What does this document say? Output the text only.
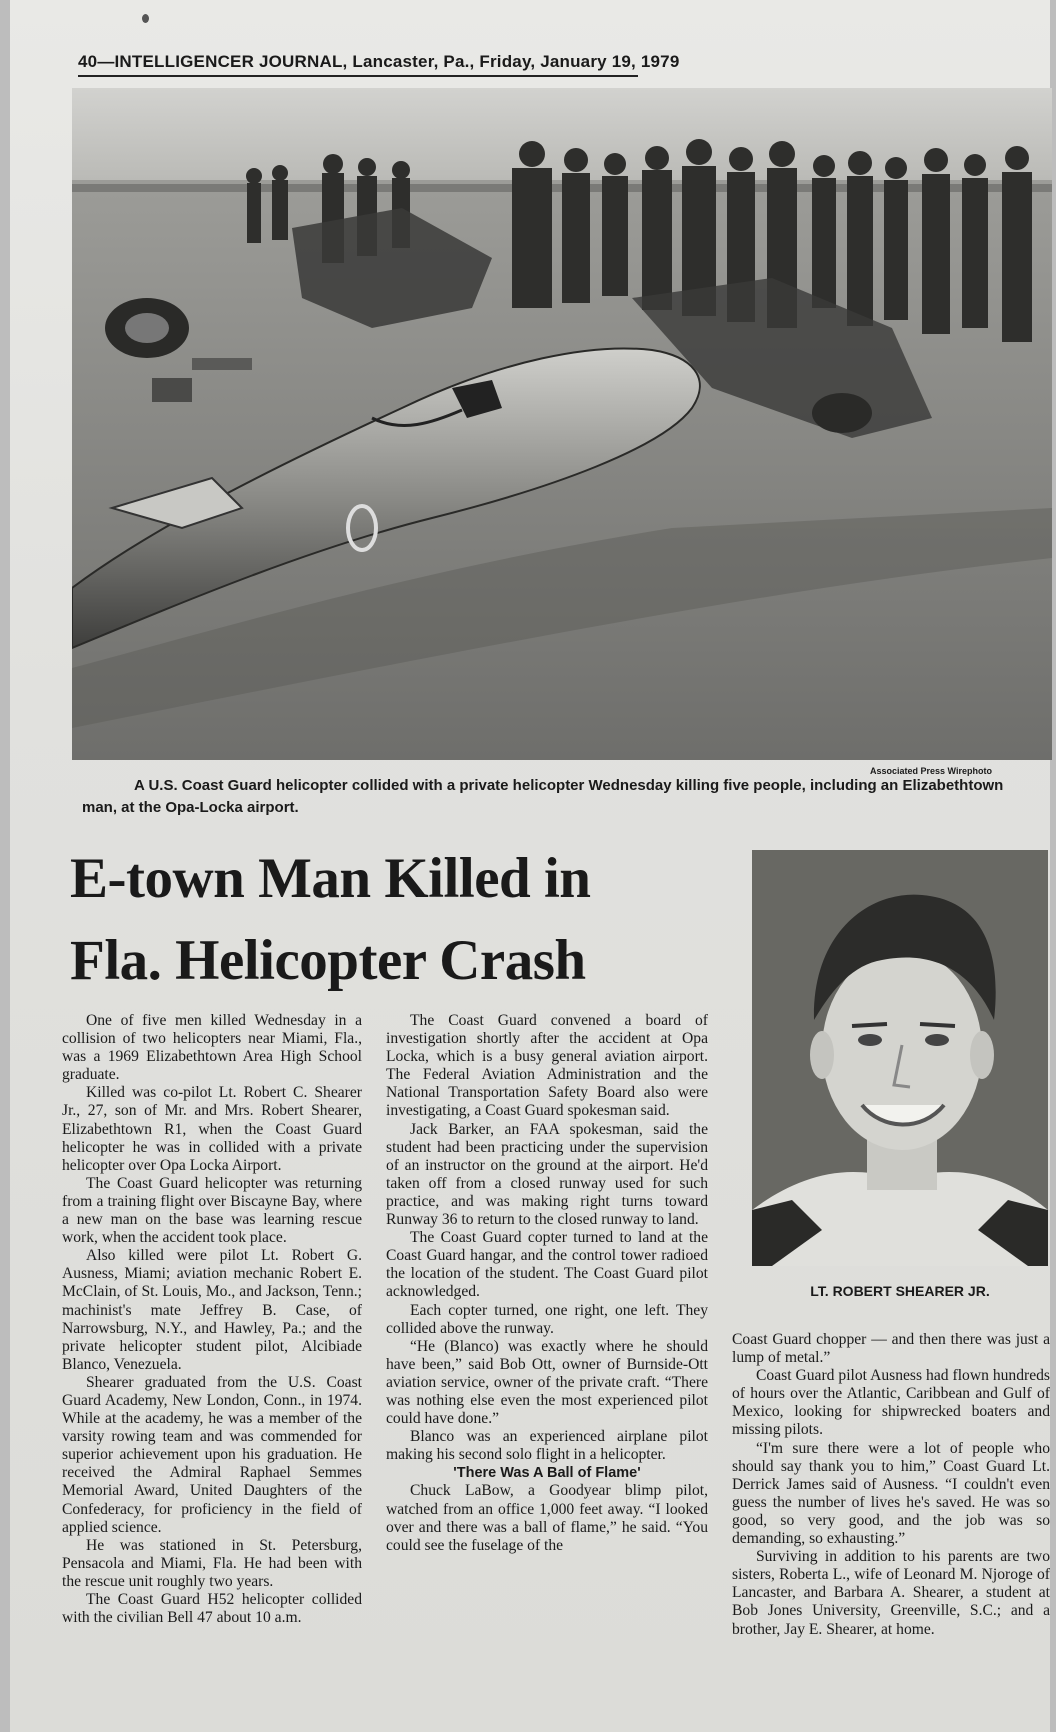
40—INTELLIGENCER JOURNAL, Lancaster, Pa., Friday, January 19, 1979
Associated Press Wirephoto
A U.S. Coast Guard helicopter collided with a private helicopter Wednesday killing five people, including an Elizabethtown man, at the Opa-Locka airport.
E-town Man Killed in
Fla. Helicopter Crash
LT. ROBERT SHEARER JR.

One of five men killed Wednesday in a collision of two helicopters near Miami, Fla., was a 1969 Elizabethtown Area High School graduate.

Killed was co-pilot Lt. Robert C. Shearer Jr., 27, son of Mr. and Mrs. Robert Shearer, Elizabethtown R1, when the Coast Guard helicopter he was in collided with a private helicopter over Opa Locka Airport.

The Coast Guard helicopter was returning from a training flight over Biscayne Bay, where a new man on the base was learning rescue work, when the accident took place.

Also killed were pilot Lt. Robert G. Ausness, Miami; aviation mechanic Robert E. McClain, of St. Louis, Mo., and Jackson, Tenn.; machinist's mate Jeffrey B. Case, of Narrowsburg, N.Y., and Hawley, Pa.; and the private helicopter student pilot, Alcibiade Blanco, Venezuela.

Shearer graduated from the U.S. Coast Guard Academy, New London, Conn., in 1974. While at the academy, he was a member of the varsity rowing team and was commended for superior achievement upon his graduation. He received the Admiral Raphael Semmes Memorial Award, United Daughters of the Confederacy, for proficiency in the field of applied science.

He was stationed in St. Petersburg, Pensacola and Miami, Fla. He had been with the rescue unit roughly two years.

The Coast Guard H52 helicopter collided with the civilian Bell 47 about 10 a.m.

The Coast Guard convened a board of investigation shortly after the accident at Opa Locka, which is a busy general aviation airport. The Federal Aviation Administration and the National Transportation Safety Board also were investigating, a Coast Guard spokesman said.

Jack Barker, an FAA spokesman, said the student had been practicing under the supervision of an instructor on the ground at the airport. He'd taken off from a closed runway used for such practice, and was making right turns toward Runway 36 to return to the closed runway to land.

The Coast Guard copter turned to land at the Coast Guard hangar, and the control tower radioed the location of the student. The Coast Guard pilot acknowledged.

Each copter turned, one right, one left. They collided above the runway.

“He (Blanco) was exactly where he should have been,” said Bob Ott, owner of Burnside-Ott aviation service, owner of the private craft. “There was nothing else even the most experienced pilot could have done.”

Blanco was an experienced airplane pilot making his second solo flight in a helicopter.

'There Was A Ball of Flame'

Chuck LaBow, a Goodyear blimp pilot, watched from an office 1,000 feet away. “I looked over and there was a ball of flame,” he said. “You could see the fuselage of the

Coast Guard chopper — and then there was just a lump of metal.”

Coast Guard pilot Ausness had flown hundreds of hours over the Atlantic, Caribbean and Gulf of Mexico, looking for shipwrecked boaters and missing pilots.

“I'm sure there were a lot of people who should say thank you to him,” Coast Guard Lt. Derrick James said of Ausness. “I couldn't even guess the number of lives he's saved. He was so good, so very good, and the job was so demanding, so exhausting.”

Surviving in addition to his parents are two sisters, Roberta L., wife of Leonard M. Njoroge of Lancaster, and Barbara A. Shearer, a student at Bob Jones University, Greenville, S.C.; and a brother, Jay E. Shearer, at home.
